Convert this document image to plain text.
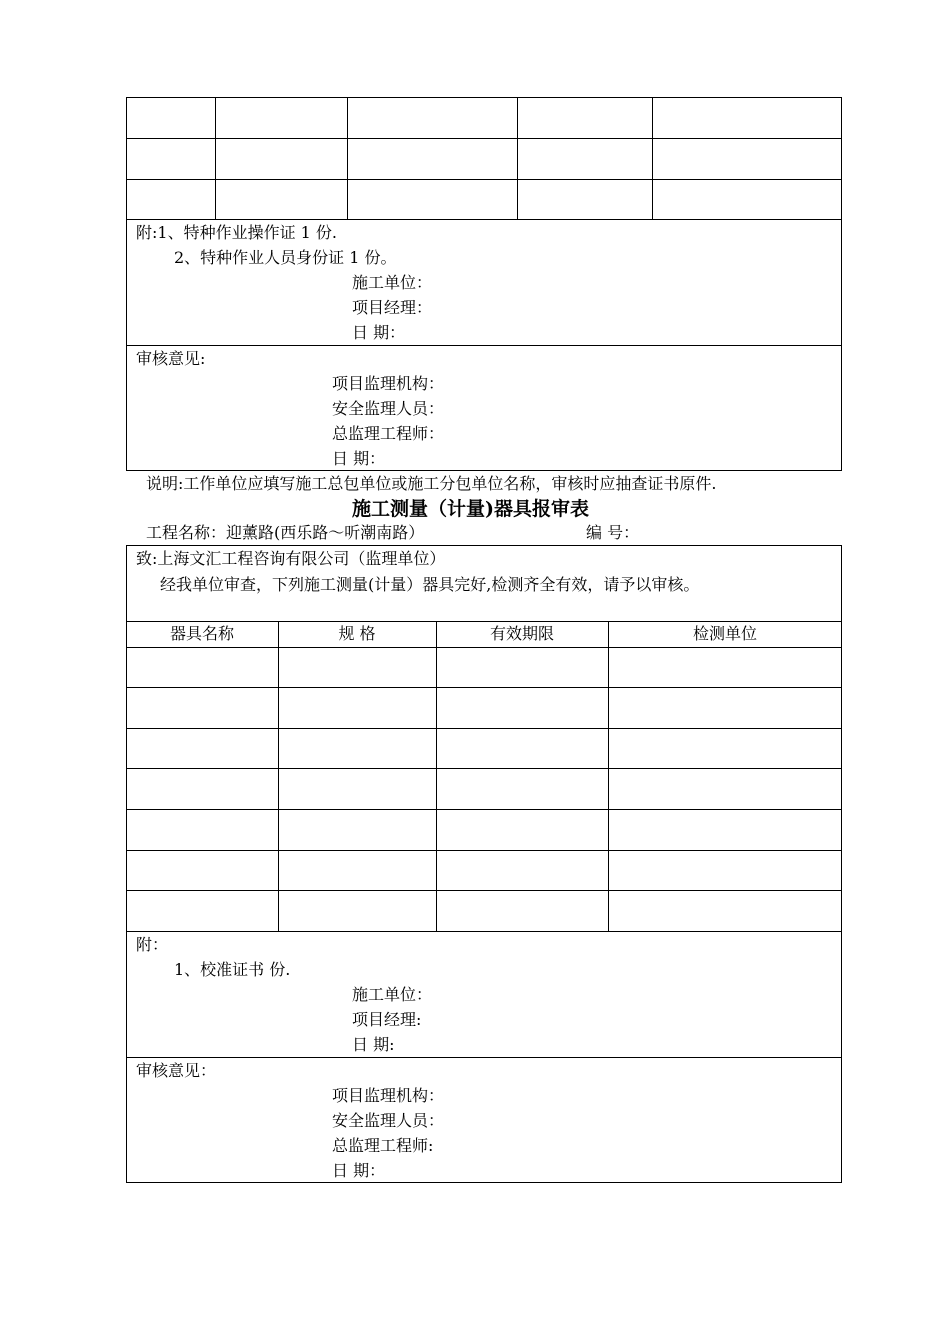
附:1、特种作业操作证 1 份.
2、特种作业人员身份证 1 份。
施工单位：
项目经理：
日 期：
审核意见:
项目监理机构：
安全监理人员：
总监理工程师：
日 期：
说明:工作单位应填写施工总包单位或施工分包单位名称，审核时应抽查证书原件.
施工测量（计量)器具报审表
工程名称：迎薰路(西乐路～听潮南路）	编 号：
致:上海文汇工程咨询有限公司（监理单位）
经我单位审查，下列施工测量(计量）器具完好,检测齐全有效，请予以审核。
器具名称	规 格	有效期限	检测单位
附：
1、校准证书 份.
施工单位：
项目经理:
日 期:
审核意见：
项目监理机构：
安全监理人员：
总监理工程师:
日 期：
